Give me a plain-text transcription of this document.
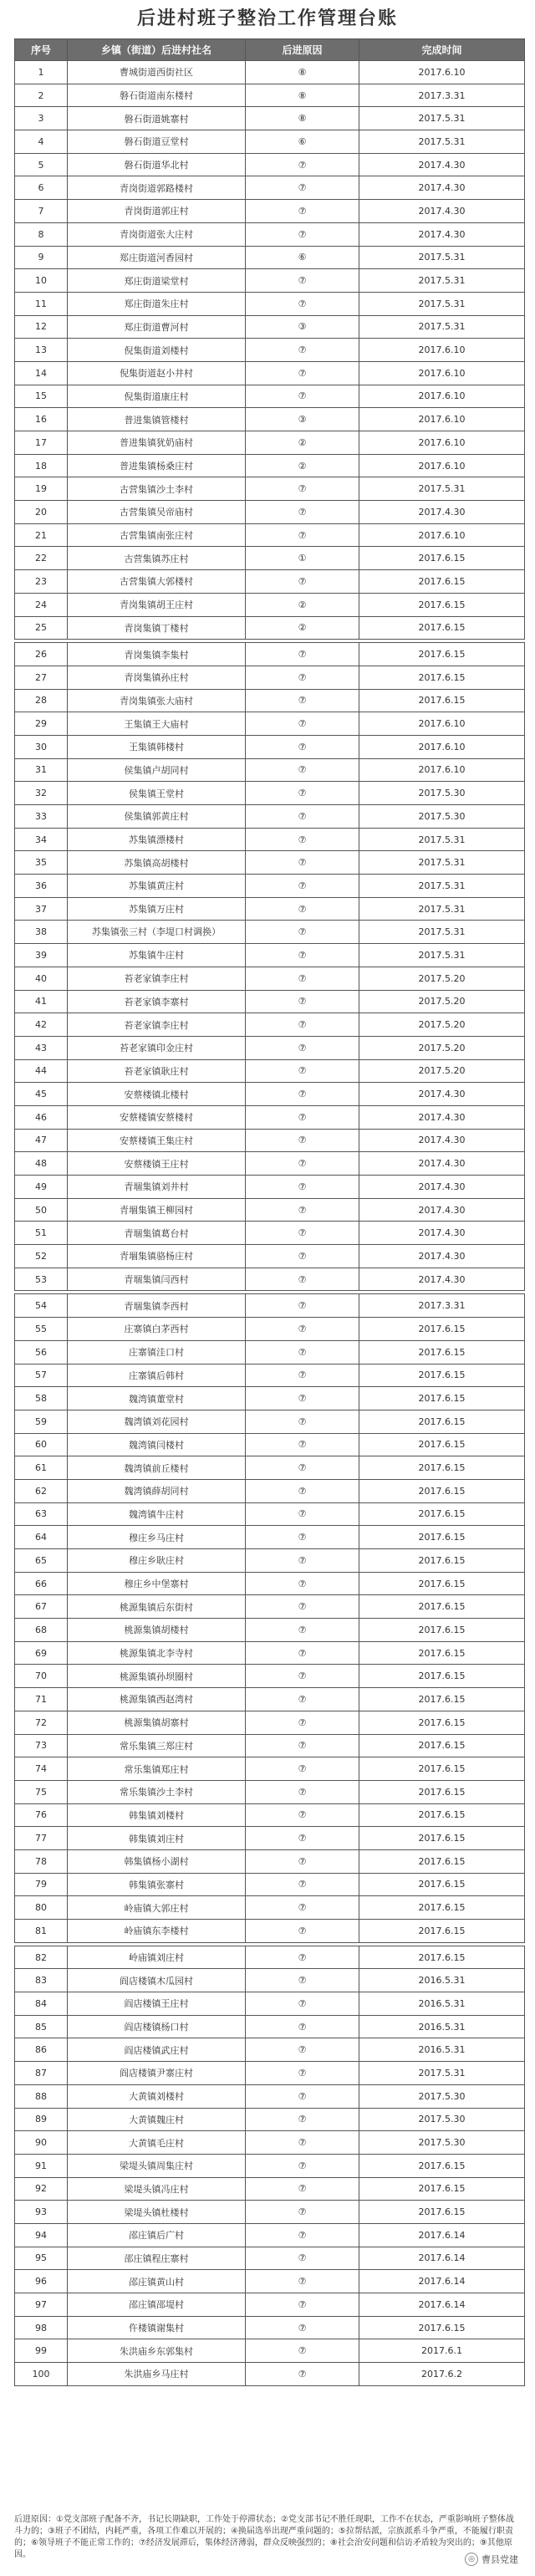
后进村班子整治工作管理台账
序号	乡镇（街道）后进村社名	后进原因	完成时间
1	曹城街道西街社区	⑧	2017.6.10
2	磐石街道南东楼村	⑧	2017.3.31
3	磐石街道姚寨村	⑧	2017.5.31
4	磐石街道豆堂村	⑥	2017.5.31
5	磐石街道华北村	⑦	2017.4.30
6	青岗街道郭路楼村	⑦	2017.4.30
7	青岗街道郭庄村	⑦	2017.4.30
8	青岗街道张大庄村	⑦	2017.4.30
9	郑庄街道河香园村	⑥	2017.5.31
10	郑庄街道梁堂村	⑦	2017.5.31
11	郑庄街道朱庄村	⑦	2017.5.31
12	郑庄街道曹河村	③	2017.5.31
13	倪集街道刘楼村	⑦	2017.6.10
14	倪集街道赵小井村	⑦	2017.6.10
15	倪集街道康庄村	⑦	2017.6.10
16	普进集镇管楼村	③	2017.6.10
17	普进集镇犹奶庙村	②	2017.6.10
18	普进集镇杨桑庄村	②	2017.6.10
19	古营集镇沙土李村	⑦	2017.5.31
20	古营集镇吴帝庙村	⑦	2017.4.30
21	古营集镇南张庄村	⑦	2017.6.10
22	古营集镇苏庄村	①	2017.6.15
23	古营集镇大郭楼村	⑦	2017.6.15
24	青岗集镇胡王庄村	②	2017.6.15
25	青岗集镇丁楼村	②	2017.6.15

26	青岗集镇李集村	⑦	2017.6.15
27	青岗集镇孙庄村	⑦	2017.6.15
28	青岗集镇张大庙村	⑦	2017.6.15
29	王集镇王大庙村	⑦	2017.6.10
30	王集镇韩楼村	⑦	2017.6.10
31	侯集镇卢胡同村	⑦	2017.6.10
32	侯集镇王堂村	⑦	2017.5.30
33	侯集镇郭黄庄村	⑦	2017.5.30
34	苏集镇漂楼村	⑦	2017.5.31
35	苏集镇高胡楼村	⑦	2017.5.31
36	苏集镇黄庄村	⑦	2017.5.31
37	苏集镇万庄村	⑦	2017.5.31
38	苏集镇张三村（李堤口村调换）	⑦	2017.5.31
39	苏集镇牛庄村	⑦	2017.5.31
40	苔老家镇李庄村	⑦	2017.5.20
41	苔老家镇李寨村	⑦	2017.5.20
42	苔老家镇李庄村	⑦	2017.5.20
43	苔老家镇印金庄村	⑦	2017.5.20
44	苔老家镇耿庄村	⑦	2017.5.20
45	安蔡楼镇北楼村	⑦	2017.4.30
46	安蔡楼镇安蔡楼村	⑦	2017.4.30
47	安蔡楼镇王集庄村	⑦	2017.4.30
48	安蔡楼镇王庄村	⑦	2017.4.30
49	青堌集镇刘井村	⑦	2017.4.30
50	青堌集镇王柳园村	⑦	2017.4.30
51	青堌集镇葛台村	⑦	2017.4.30
52	青堌集镇骆杨庄村	⑦	2017.4.30
53	青堌集镇闫西村	⑦	2017.4.30

54	青堌集镇李西村	⑦	2017.3.31
55	庄寨镇白茅西村	⑦	2017.6.15
56	庄寨镇洼口村	⑦	2017.6.15
57	庄寨镇后韩村	⑦	2017.6.15
58	魏湾镇董堂村	⑦	2017.6.15
59	魏湾镇刘花园村	⑦	2017.6.15
60	魏湾镇闫楼村	⑦	2017.6.15
61	魏湾镇前丘楼村	⑦	2017.6.15
62	魏湾镇薛胡同村	⑦	2017.6.15
63	魏湾镇牛庄村	⑦	2017.6.15
64	穆庄乡马庄村	⑦	2017.6.15
65	穆庄乡耿庄村	⑦	2017.6.15
66	穆庄乡中堡寨村	⑦	2017.6.15
67	桃源集镇后东街村	⑦	2017.6.15
68	桃源集镇胡楼村	⑦	2017.6.15
69	桃源集镇北李寺村	⑦	2017.6.15
70	桃源集镇孙坝圈村	⑦	2017.6.15
71	桃源集镇西赵湾村	⑦	2017.6.15
72	桃源集镇胡寨村	⑦	2017.6.15
73	常乐集镇三郑庄村	⑦	2017.6.15
74	常乐集镇郑庄村	⑦	2017.6.15
75	常乐集镇沙土李村	⑦	2017.6.15
76	韩集镇刘楼村	⑦	2017.6.15
77	韩集镇刘庄村	⑦	2017.6.15
78	韩集镇杨小湖村	⑦	2017.6.15
79	韩集镇张寨村	⑦	2017.6.15
80	岭庙镇大郭庄村	⑦	2017.6.15
81	岭庙镇东李楼村	⑦	2017.6.15

82	岭庙镇刘庄村	⑦	2017.6.15
83	阎店楼镇木瓜园村	⑦	2016.5.31
84	阎店楼镇王庄村	⑦	2016.5.31
85	阎店楼镇杨口村	⑦	2016.5.31
86	阎店楼镇武庄村	⑦	2016.5.31
87	阎店楼镇尹寨庄村	⑦	2017.5.31
88	大黄镇刘楼村	⑦	2017.5.30
89	大黄镇魏庄村	⑦	2017.5.30
90	大黄镇毛庄村	⑦	2017.5.30
91	梁堤头镇周集庄村	⑦	2017.6.15
92	梁堤头镇冯庄村	⑦	2017.6.15
93	梁堤头镇杜楼村	⑦	2017.6.15
94	邵庄镇后广村	⑦	2017.6.14
95	邵庄镇程庄寨村	⑦	2017.6.14
96	邵庄镇黄山村	⑦	2017.6.14
97	邵庄镇邵堤村	⑦	2017.6.14
98	仵楼镇谢集村	⑦	2017.6.15
99	朱洪庙乡东郭集村	⑦	2017.6.1
100	朱洪庙乡马庄村	⑦	2017.6.2
后进原因：①党支部班子配备不齐，书记长期缺职，工作处于停滞状态；②党支部书记不胜任现职，工作不在状态，严重影响班子整体战斗力的；③班子不团结，内耗严重，各项工作难以开展的；④换届选举出现严重问题的；⑤拉帮结派，宗族派系斗争严重，不能履行职责的；⑥领导班子不能正常工作的；⑦经济发展滞后，集体经济薄弱，群众反映强烈的；⑧社会治安问题和信访矛盾较为突出的；⑨其他原因。	◎ 曹县党建
